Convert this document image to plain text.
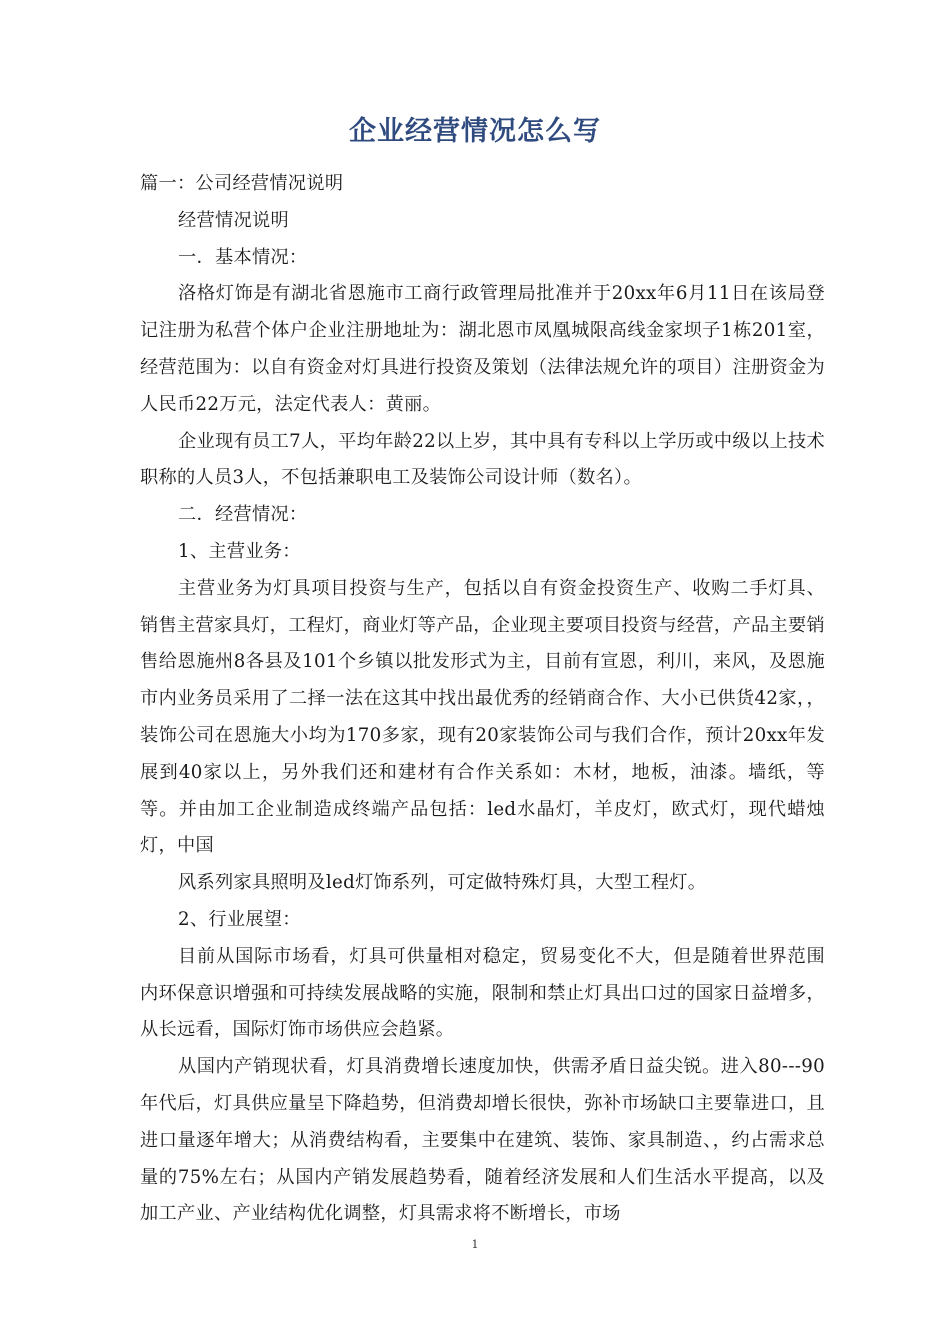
企业经营情况怎么写

篇一：公司经营情况说明

经营情况说明

一．基本情况：

洛格灯饰是有湖北省恩施市工商行政管理局批准并于20xx年6月11日在该局登记注册为私营个体户企业注册地址为：湖北恩市凤凰城限高线金家坝子1栋201室，经营范围为：以自有资金对灯具进行投资及策划（法律法规允许的项目）注册资金为人民币22万元，法定代表人：黄丽。

企业现有员工7人，平均年龄22以上岁，其中具有专科以上学历或中级以上技术职称的人员3人，不包括兼职电工及装饰公司设计师（数名）。

二．经营情况：

1、主营业务：

主营业务为灯具项目投资与生产，包括以自有资金投资生产、收购二手灯具、销售主营家具灯，工程灯，商业灯等产品，企业现主要项目投资与经营，产品主要销售给恩施州8各县及101个乡镇以批发形式为主，目前有宣恩，利川，来风，及恩施市内业务员采用了二择一法在这其中找出最优秀的经销商合作、大小已供货42家，，装饰公司在恩施大小均为170多家，现有20家装饰公司与我们合作，预计20xx年发展到40家以上，另外我们还和建材有合作关系如：木材，地板，油漆。墙纸，等等。并由加工企业制造成终端产品包括：led水晶灯，羊皮灯，欧式灯，现代蜡烛灯，中国

风系列家具照明及led灯饰系列，可定做特殊灯具，大型工程灯。

2、行业展望：

目前从国际市场看，灯具可供量相对稳定，贸易变化不大，但是随着世界范围内环保意识增强和可持续发展战略的实施，限制和禁止灯具出口过的国家日益增多，从长远看，国际灯饰市场供应会趋紧。

从国内产销现状看，灯具消费增长速度加快，供需矛盾日益尖锐。进入80---90年代后，灯具供应量呈下降趋势，但消费却增长很快，弥补市场缺口主要靠进口，且进口量逐年增大；从消费结构看，主要集中在建筑、装饰、家具制造、，约占需求总量的75%左右；从国内产销发展趋势看，随着经济发展和人们生活水平提高，以及加工产业、产业结构优化调整，灯具需求将不断增长，市场

1
